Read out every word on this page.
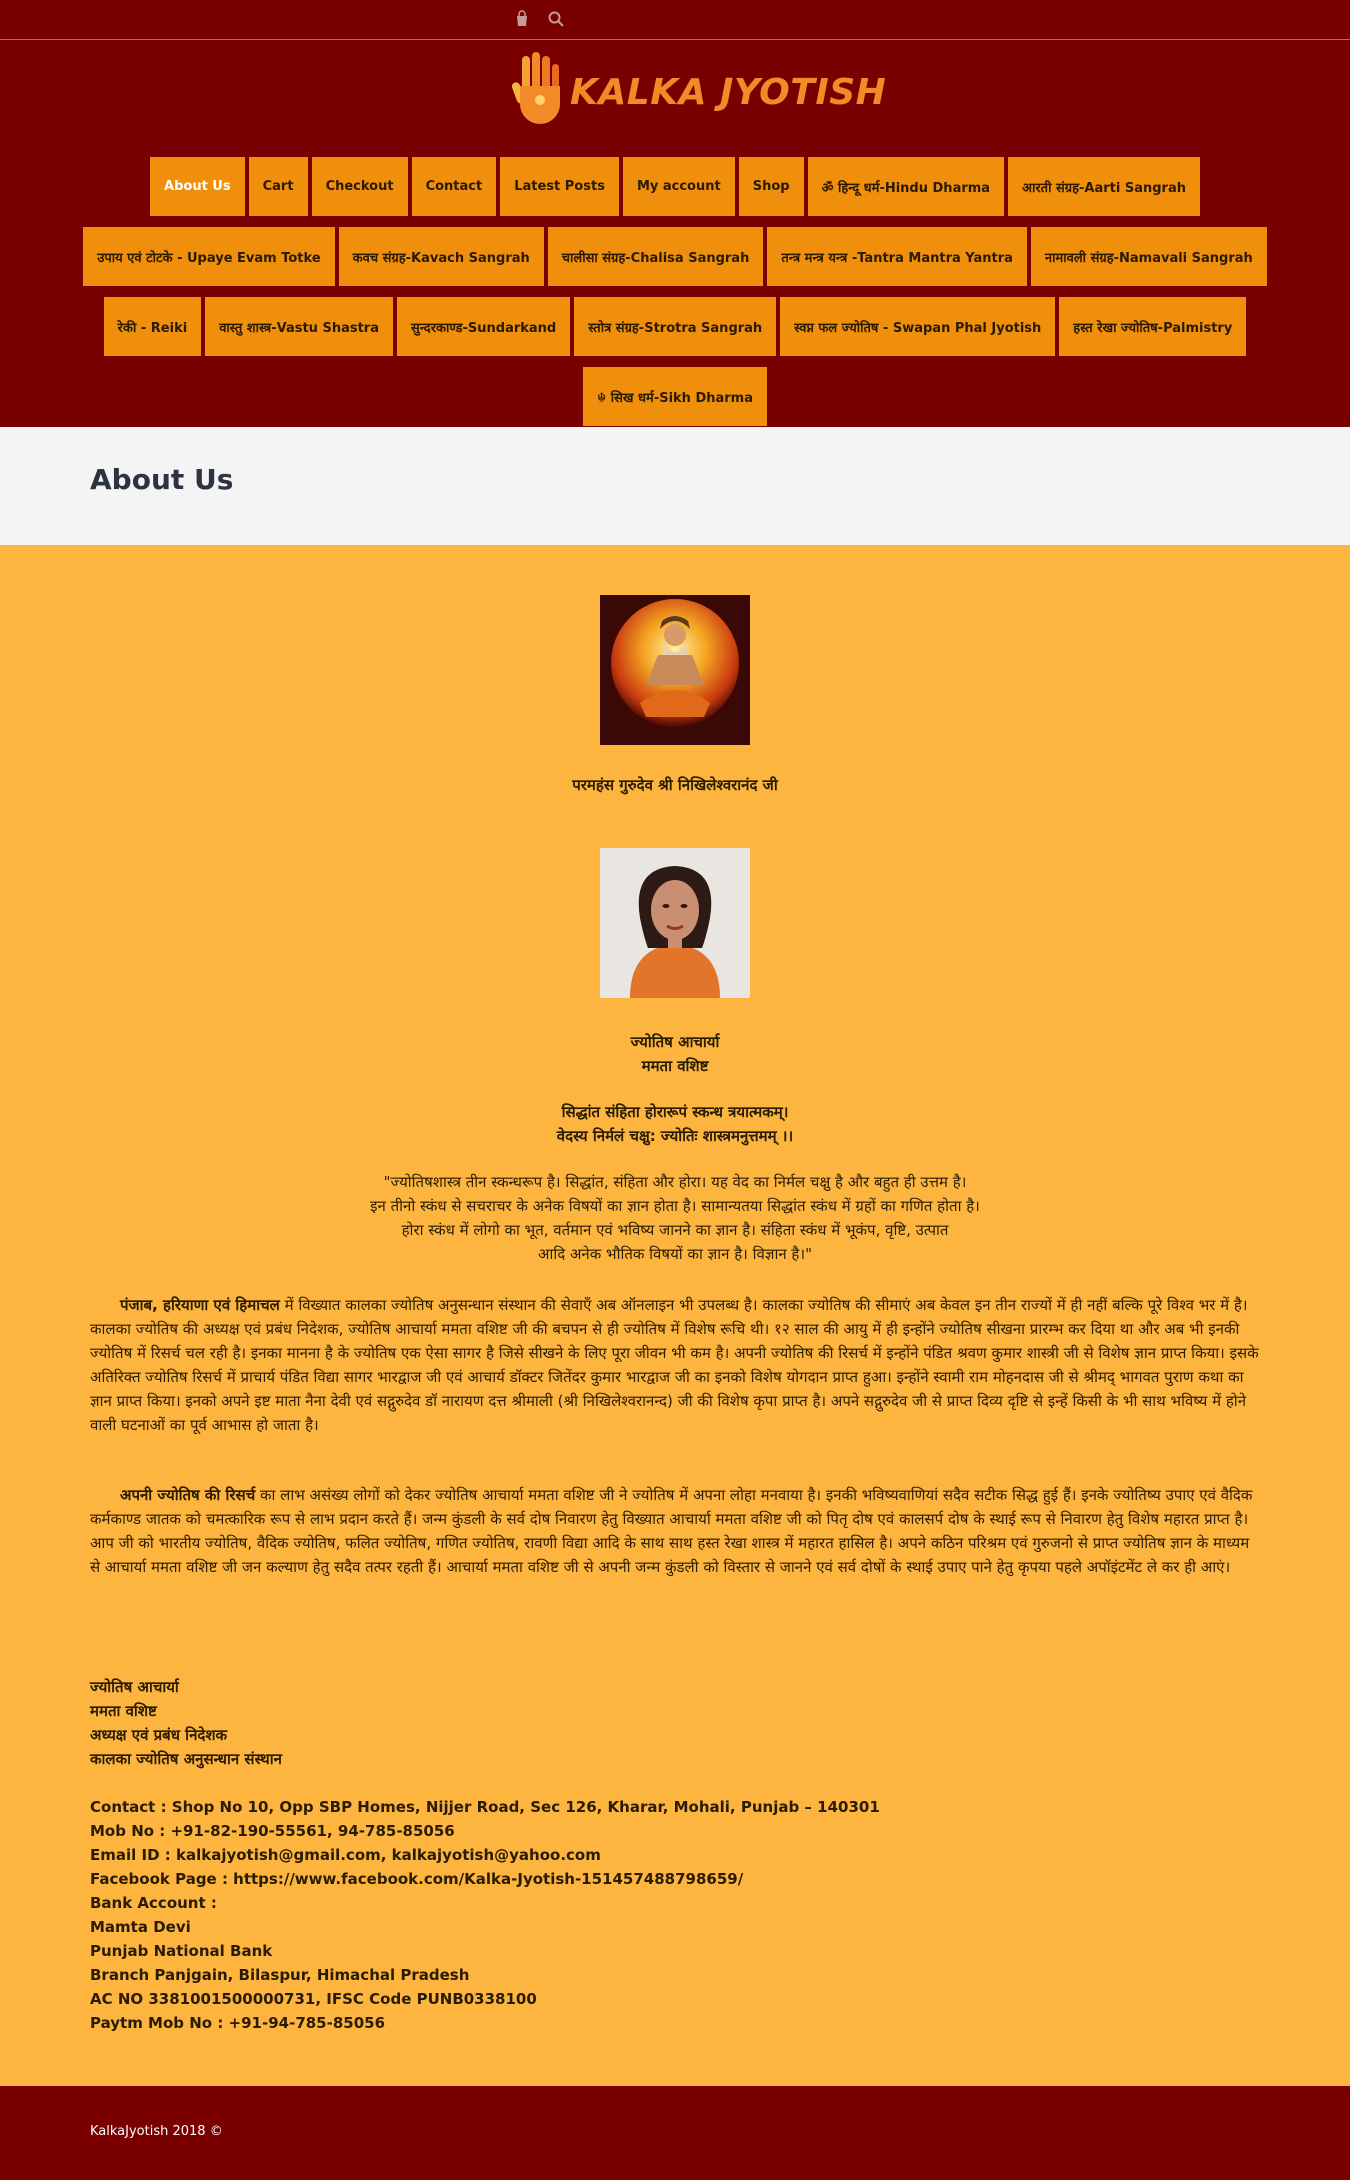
KALKA JYOTISH
About Us	Cart	Checkout	Contact	Latest Posts	My account	Shop	ॐ हिन्दू धर्म-Hindu Dharma	आरती संग्रह-Aarti Sangrah
उपाय एवं टोटके - Upaye Evam Totke	कवच संग्रह-Kavach Sangrah	चालीसा संग्रह-Chalisa Sangrah	तन्त्र मन्त्र यन्त्र -Tantra Mantra Yantra	नामावली संग्रह-Namavali Sangrah
रेकी - Reiki	वास्तु शास्त्र-Vastu Shastra	सुन्दरकाण्ड-Sundarkand	स्तोत्र संग्रह-Strotra Sangrah	स्वप्न फल ज्योतिष - Swapan Phal Jyotish	हस्त रेखा ज्योतिष-Palmistry
☬ सिख धर्म-Sikh Dharma
About Us
परमहंस गुरुदेव श्री निखिलेश्वरानंद जी
ज्योतिष आचार्या
ममता वशिष्ट
सिद्धांत संहिता होरारूपं स्कन्ध त्रयात्मकम्।
वेदस्य निर्मलं चक्षु: ज्योतिः शास्त्रमनुत्तमम् ।।
"ज्योतिषशास्त्र तीन स्कन्धरूप है। सिद्धांत, संहिता और होरा। यह वेद का निर्मल चक्षु है और बहुत ही उत्तम है।
इन तीनो स्कंध से सचराचर के अनेक विषयों का ज्ञान होता है। सामान्यतया सिद्धांत स्कंध में ग्रहों का गणित होता है।
होरा स्कंध में लोगो का भूत, वर्तमान एवं भविष्य जानने का ज्ञान है। संहिता स्कंध में भूकंप, वृष्टि, उत्पात
आदि अनेक भौतिक विषयों का ज्ञान है। विज्ञान है।"

पंजाब, हरियाणा एवं हिमाचल में विख्यात कालका ज्योतिष अनुसन्धान संस्थान की सेवाएँ अब ऑनलाइन भी उपलब्ध है। कालका ज्योतिष की सीमाएं अब केवल इन तीन राज्यों में ही नहीं बल्कि पूरे विश्व भर में है। कालका ज्योतिष की अध्यक्ष एवं प्रबंध निदेशक, ज्योतिष आचार्या ममता वशिष्ट जी की बचपन से ही ज्योतिष में विशेष रूचि थी। १२ साल की आयु में ही इन्होंने ज्योतिष सीखना प्रारम्भ कर दिया था और अब भी इनकी ज्योतिष में रिसर्च चल रही है। इनका मानना है के ज्योतिष एक ऐसा सागर है जिसे सीखने के लिए पूरा जीवन भी कम है। अपनी ज्योतिष की रिसर्च में इन्होंने पंडित श्रवण कुमार शास्त्री जी से विशेष ज्ञान प्राप्त किया। इसके अतिरिक्त ज्योतिष रिसर्च में प्राचार्य पंडित विद्या सागर भारद्वाज जी एवं आचार्य डॉक्टर जितेंदर कुमार भारद्वाज जी का इनको विशेष योगदान प्राप्त हुआ। इन्होंने स्वामी राम मोहनदास जी से श्रीमद् भागवत पुराण कथा का ज्ञान प्राप्त किया। इनको अपने इष्ट माता नैना देवी एवं सद्गुरुदेव डॉ नारायण दत्त श्रीमाली (श्री निखिलेश्वरानन्द) जी की विशेष कृपा प्राप्त है। अपने सद्गुरुदेव जी से प्राप्त दिव्य दृष्टि से इन्हें किसी के भी साथ भविष्य में होने वाली घटनाओं का पूर्व आभास हो जाता है।

अपनी ज्योतिष की रिसर्च का लाभ असंख्य लोगों को देकर ज्योतिष आचार्या ममता वशिष्ट जी ने ज्योतिष में अपना लोहा मनवाया है। इनकी भविष्यवाणियां सदैव सटीक सिद्ध हुई हैं। इनके ज्योतिष्य उपाए एवं वैदिक कर्मकाण्ड जातक को चमत्कारिक रूप से लाभ प्रदान करते हैं। जन्म कुंडली के सर्व दोष निवारण हेतु विख्यात आचार्या ममता वशिष्ट जी को पितृ दोष एवं कालसर्प दोष के स्थाई रूप से निवारण हेतु विशेष महारत प्राप्त है। आप जी को भारतीय ज्योतिष, वैदिक ज्योतिष, फलित ज्योतिष, गणित ज्योतिष, रावणी विद्या आदि के साथ साथ हस्त रेखा शास्त्र में महारत हासिल है। अपने कठिन परिश्रम एवं गुरुजनो से प्राप्त ज्योतिष ज्ञान के माध्यम से आचार्या ममता वशिष्ट जी जन कल्याण हेतु सदैव तत्पर रहती हैं। आचार्या ममता वशिष्ट जी से अपनी जन्म कुंडली को विस्तार से जानने एवं सर्व दोषों के स्थाई उपाए पाने हेतु कृपया पहले अपॉइंटमेंट ले कर ही आएं।

ज्योतिष आचार्या
ममता वशिष्ट
अध्यक्ष एवं प्रबंध निदेशक
कालका ज्योतिष अनुसन्धान संस्थान
Contact : Shop No 10, Opp SBP Homes, Nijjer Road, Sec 126, Kharar, Mohali, Punjab – 140301
Mob No : +91-82-190-55561, 94-785-85056
Email ID : kalkajyotish@gmail.com, kalkajyotish@yahoo.com
Facebook Page : https://www.facebook.com/Kalka-Jyotish-151457488798659/
Bank Account :
Mamta Devi
Punjab National Bank
Branch Panjgain, Bilaspur, Himachal Pradesh
AC NO 3381001500000731, IFSC Code PUNB0338100
Paytm Mob No : +91-94-785-85056
KalkaJyotish 2018 ©
